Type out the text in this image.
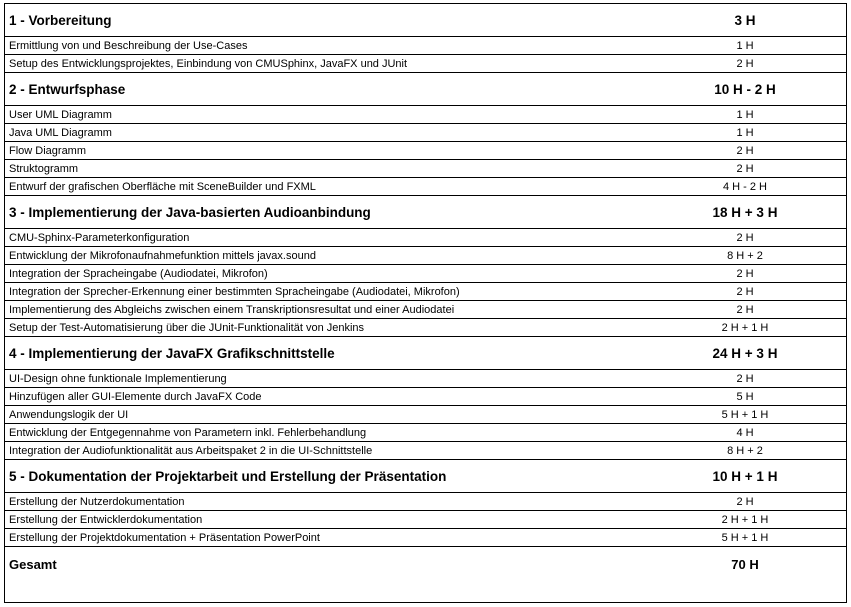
1 - Vorbereitung	3 H
Ermittlung von und Beschreibung der Use-Cases	1 H
Setup des Entwicklungsprojektes, Einbindung von CMUSphinx, JavaFX und JUnit	2 H
2 - Entwurfsphase	10 H - 2 H
User UML Diagramm	1 H
Java UML Diagramm	1 H
Flow Diagramm	2 H
Struktogramm	2 H
Entwurf der grafischen Oberfläche mit SceneBuilder und FXML	4 H - 2 H
3 - Implementierung der Java-basierten Audioanbindung	18 H + 3 H
CMU-Sphinx-Parameterkonfiguration	2 H
Entwicklung der Mikrofonaufnahmefunktion mittels javax.sound	8 H + 2
Integration der Spracheingabe (Audiodatei, Mikrofon)	2 H
Integration der Sprecher-Erkennung einer bestimmten Spracheingabe (Audiodatei, Mikrofon)	2 H
Implementierung des Abgleichs zwischen einem Transkriptionsresultat und einer Audiodatei	2 H
Setup der Test-Automatisierung über die JUnit-Funktionalität von Jenkins	2 H + 1 H
4 - Implementierung der JavaFX Grafikschnittstelle	24 H + 3 H
UI-Design ohne funktionale Implementierung	2 H
Hinzufügen aller GUI-Elemente durch JavaFX Code	5 H
Anwendungslogik der UI	5 H + 1 H
Entwicklung der Entgegennahme von Parametern inkl. Fehlerbehandlung	4 H
Integration der Audiofunktionalität aus Arbeitspaket 2 in die UI-Schnittstelle	8 H + 2
5 - Dokumentation der Projektarbeit und Erstellung der Präsentation	10 H + 1 H
Erstellung der Nutzerdokumentation	2 H
Erstellung der Entwicklerdokumentation	2 H + 1 H
Erstellung der Projektdokumentation + Präsentation PowerPoint	5 H + 1 H
Gesamt	70 H
